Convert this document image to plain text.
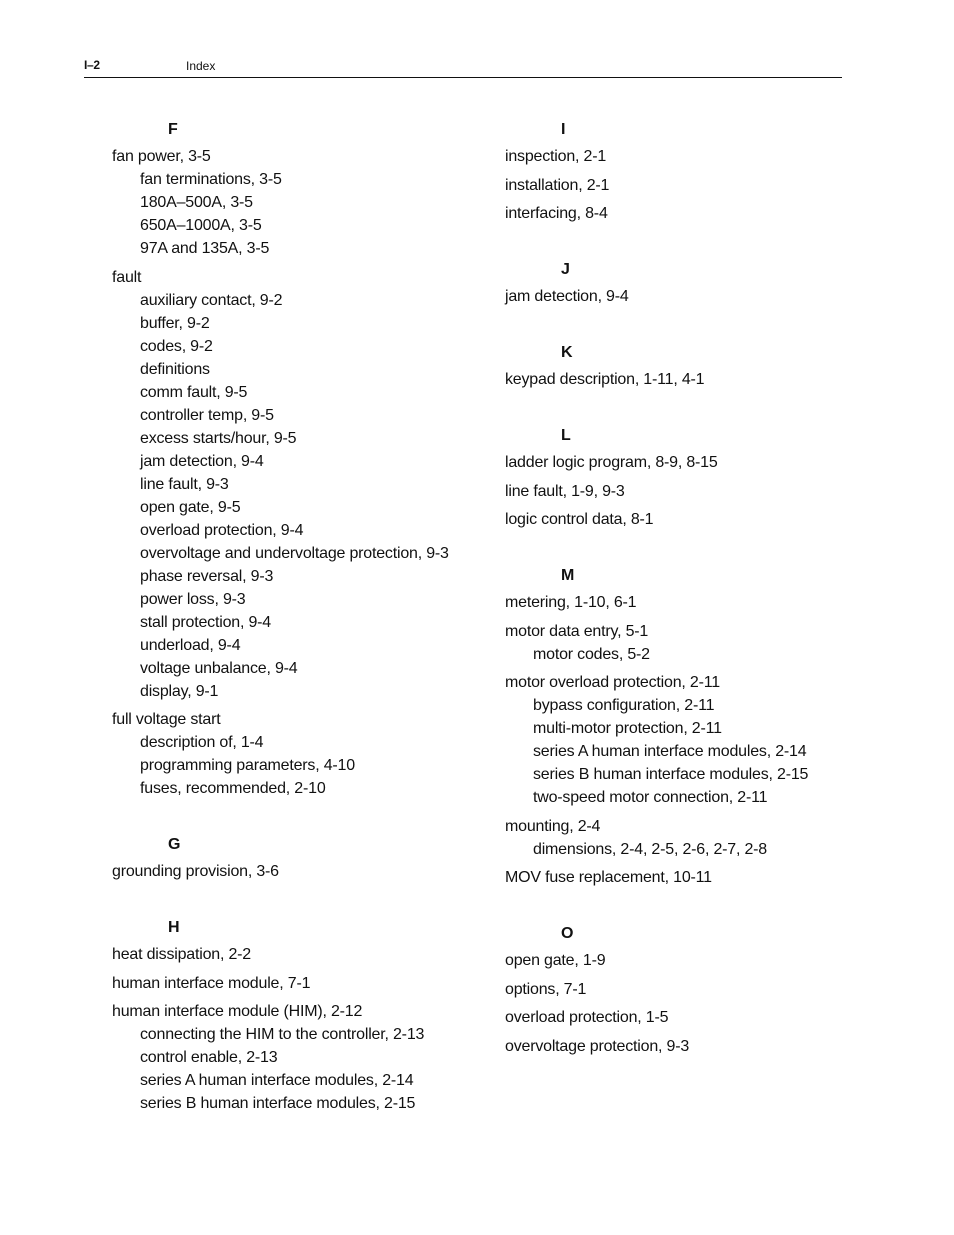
I–2	Index
F
fan power, 3-5
fan terminations, 3-5
180A–500A, 3-5
650A–1000A, 3-5
97A and 135A, 3-5
fault
auxiliary contact, 9-2
buffer, 9-2
codes, 9-2
definitions
comm fault, 9-5
controller temp, 9-5
excess starts/hour, 9-5
jam detection, 9-4
line fault, 9-3
open gate, 9-5
overload protection, 9-4
overvoltage and undervoltage protection, 9-3
phase reversal, 9-3
power loss, 9-3
stall protection, 9-4
underload, 9-4
voltage unbalance, 9-4
display, 9-1
full voltage start
description of, 1-4
programming parameters, 4-10
fuses, recommended, 2-10
G
grounding provision, 3-6
H
heat dissipation, 2-2
human interface module, 7-1
human interface module (HIM), 2-12
connecting the HIM to the controller, 2-13
control enable, 2-13
series A human interface modules, 2-14
series B human interface modules, 2-15
I
inspection, 2-1
installation, 2-1
interfacing, 8-4
J
jam detection, 9-4
K
keypad description, 1-11, 4-1
L
ladder logic program, 8-9, 8-15
line fault, 1-9, 9-3
logic control data, 8-1
M
metering, 1-10, 6-1
motor data entry, 5-1
motor codes, 5-2
motor overload protection, 2-11
bypass configuration, 2-11
multi-motor protection, 2-11
series A human interface modules, 2-14
series B human interface modules, 2-15
two-speed motor connection, 2-11
mounting, 2-4
dimensions, 2-4, 2-5, 2-6, 2-7, 2-8
MOV fuse replacement, 10-11
O
open gate, 1-9
options, 7-1
overload protection, 1-5
overvoltage protection, 9-3
